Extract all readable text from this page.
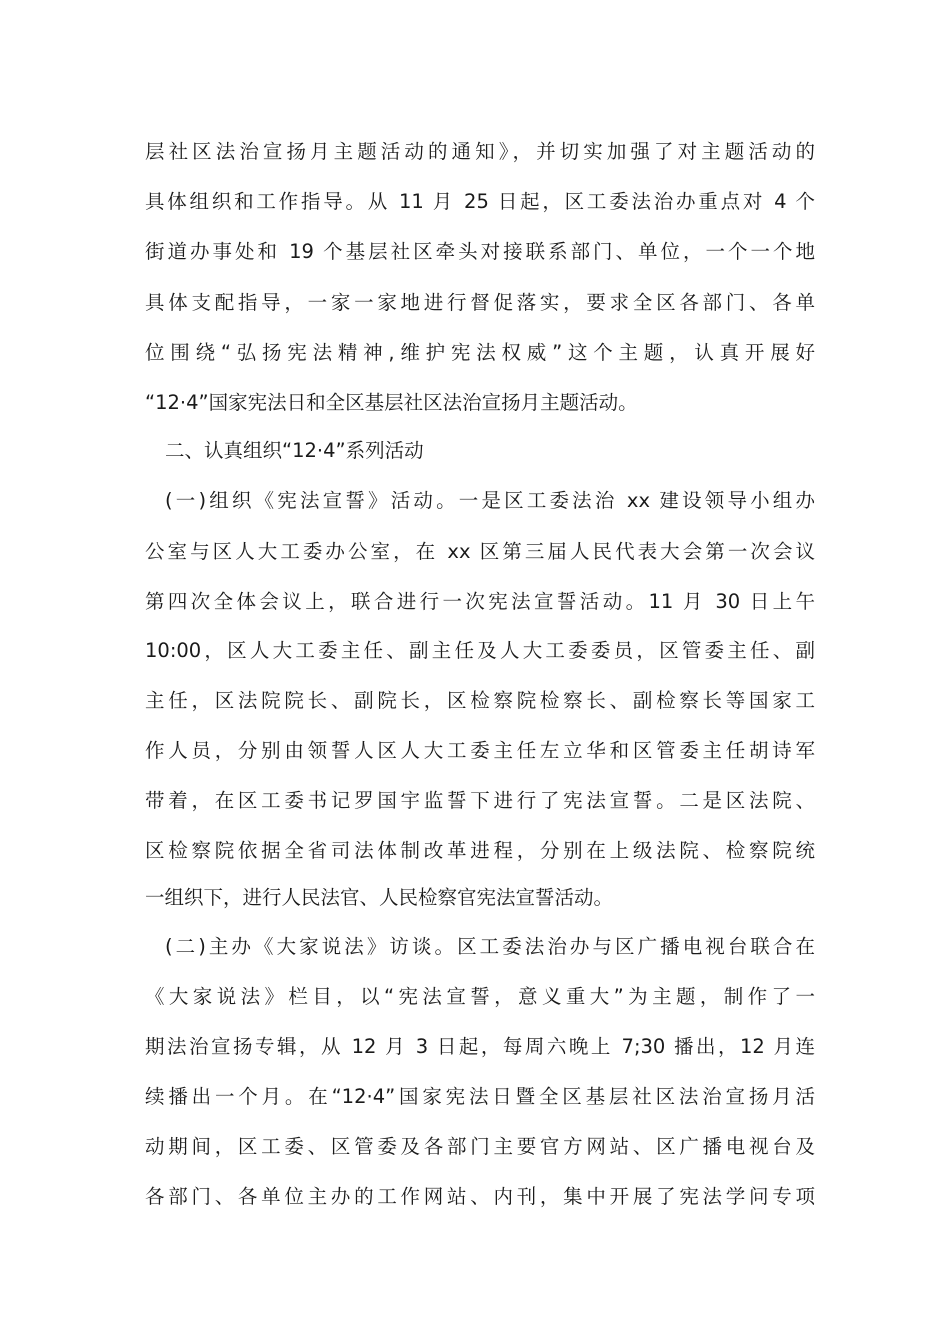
层社区法治宣扬月主题活动的通知》，并切实加强了对主题活动的
具体组织和工作指导。从 11 月 25 日起，区工委法治办重点对 4 个
街道办事处和 19 个基层社区牵头对接联系部门、单位，一个一个地
具体支配指导，一家一家地进行督促落实，要求全区各部门、各单
位围绕“弘扬宪法精神,维护宪法权威”这个主题，认真开展好
“12·4”国家宪法日和全区基层社区法治宣扬月主题活动。
二、认真组织“12·4”系列活动
(一)组织《宪法宣誓》活动。一是区工委法治 xx 建设领导小组办
公室与区人大工委办公室，在 xx 区第三届人民代表大会第一次会议
第四次全体会议上，联合进行一次宪法宣誓活动。11 月 30 日上午
10:00，区人大工委主任、副主任及人大工委委员，区管委主任、副
主任，区法院院长、副院长，区检察院检察长、副检察长等国家工
作人员，分别由领誓人区人大工委主任左立华和区管委主任胡诗军
带着，在区工委书记罗国宇监誓下进行了宪法宣誓。二是区法院、
区检察院依据全省司法体制改革进程，分别在上级法院、检察院统
一组织下，进行人民法官、人民检察官宪法宣誓活动。
(二)主办《大家说法》访谈。区工委法治办与区广播电视台联合在
《大家说法》栏目，以“宪法宣誓，意义重大”为主题，制作了一
期法治宣扬专辑，从 12 月 3 日起，每周六晚上 7;30 播出，12 月连
续播出一个月。在“12·4”国家宪法日暨全区基层社区法治宣扬月活
动期间，区工委、区管委及各部门主要官方网站、区广播电视台及
各部门、各单位主办的工作网站、内刊，集中开展了宪法学问专项
